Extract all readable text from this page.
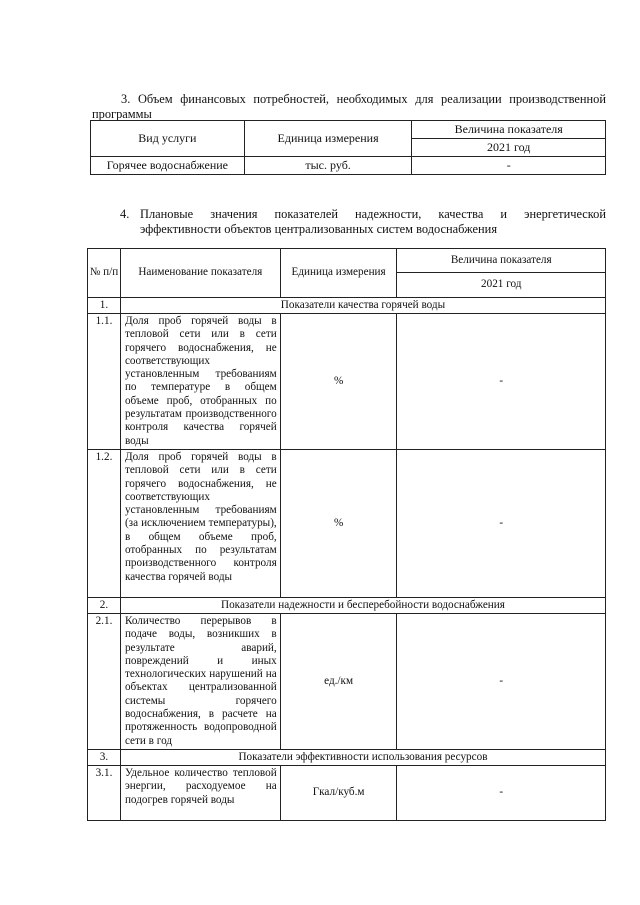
3. Объем финансовых потребностей, необходимых для реализации производственной
программы
Вид услуги	Единица измерения	Величина показателя
		2021 год
Горячее водоснабжение	тыс. руб.	-
4. Плановые значения показателей надежности, качества и энергетической
эффективности объектов централизованных систем водоснабжения
№ п/п	Наименование показателя	Единица измерения	Величина показателя
			2021 год
1.	Показатели качества горячей воды		
1.1.	Доля проб горячей воды в тепловой сети или в сети горячего водоснабжения, не соответствующих установленным требованиям по температуре в общем объеме проб, отобранных по результатам производственного контроля качества горячей воды	%	-
1.2.	Доля проб горячей воды в тепловой сети или в сети горячего водоснабжения, не соответствующих установленным требованиям (за исключением температуры), в общем объеме проб, отобранных по результатам производственного контроля качества горячей воды	%	-
2.	Показатели надежности и бесперебойности водоснабжения		
2.1.	Количество перерывов в подаче воды, возникших в результате аварий, повреждений и иных технологических нарушений на объектах централизованной системы горячего водоснабжения, в расчете на протяженность водопроводной сети в год	ед./км	-
3.	Показатели эффективности использования ресурсов		
3.1.	Удельное количество тепловой энергии, расходуемое на подогрев горячей воды	Гкал/куб.м	-
